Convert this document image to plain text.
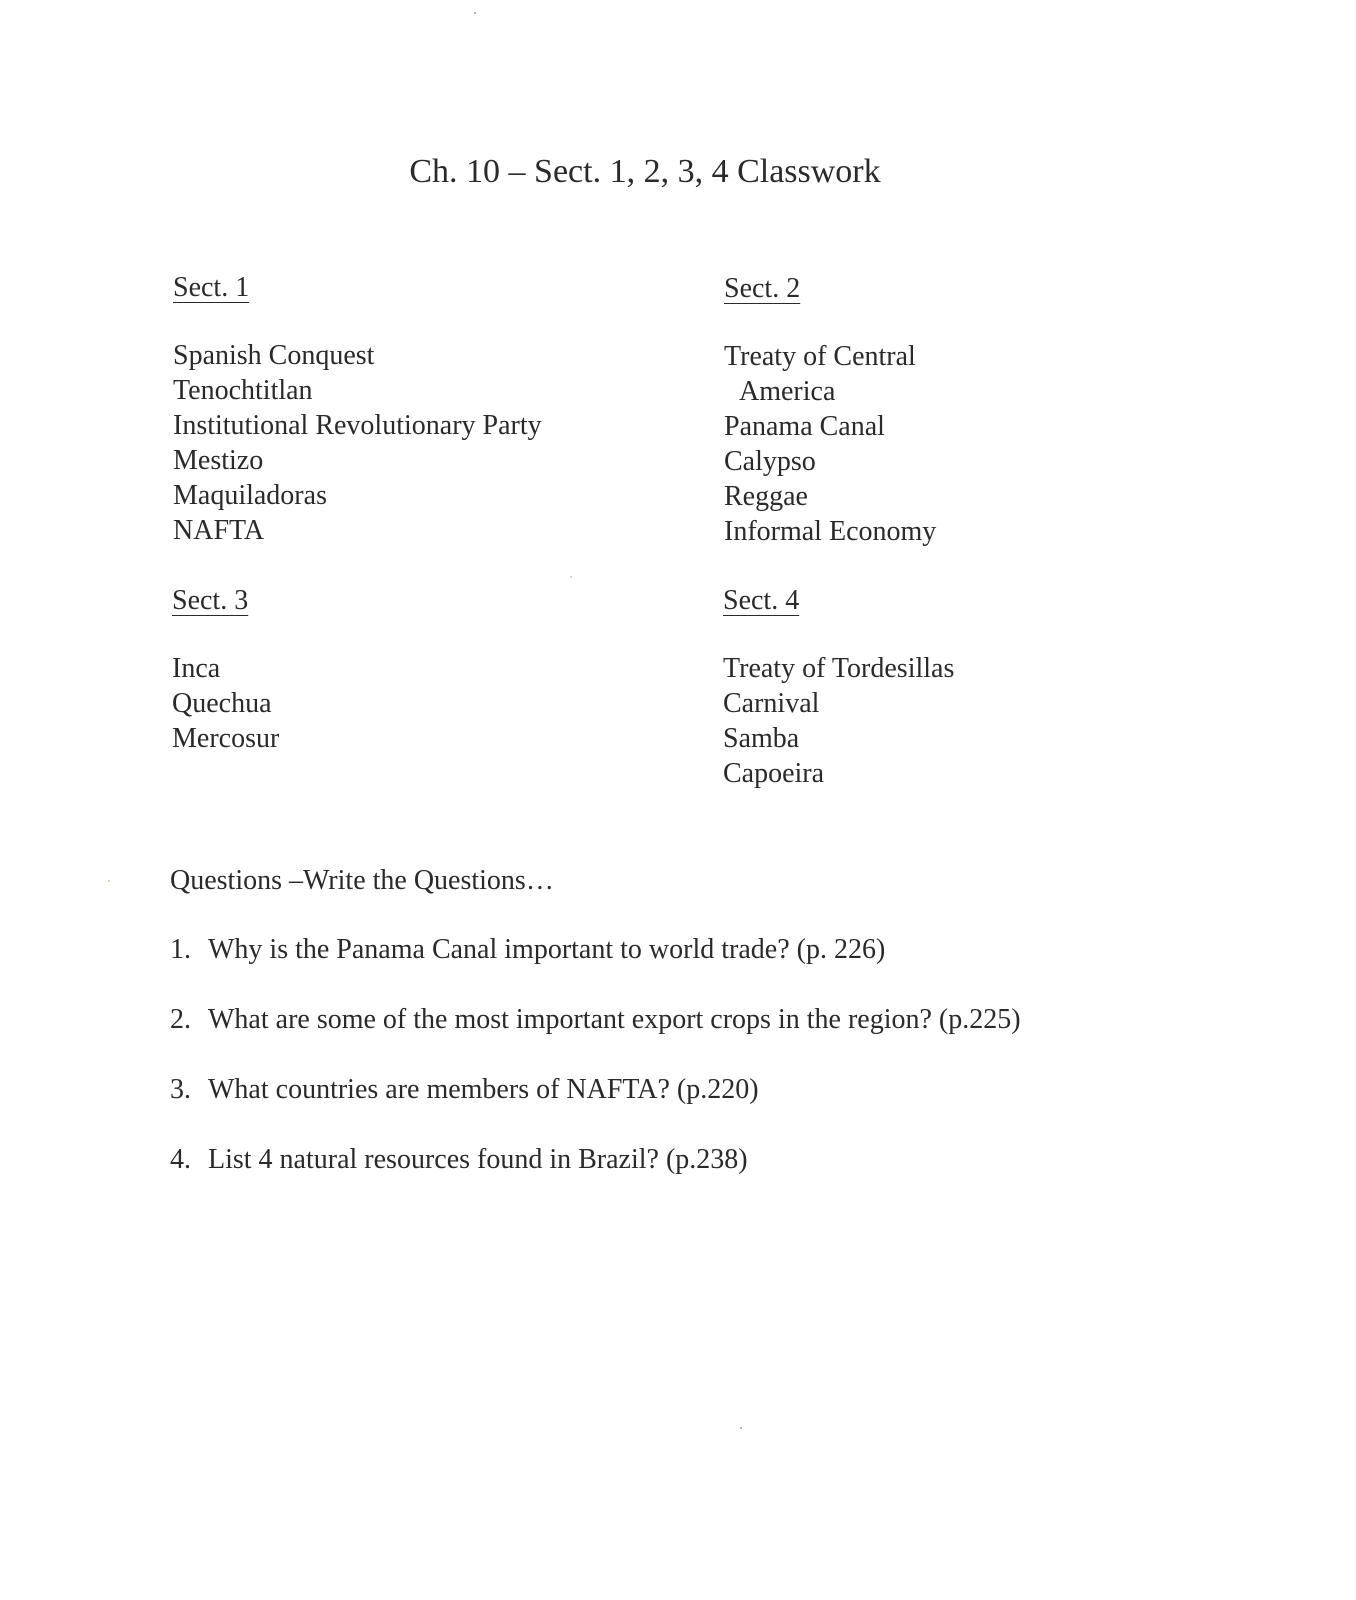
Ch. 10 – Sect. 1, 2, 3, 4 Classwork
Sect. 1
Spanish Conquest
Tenochtitlan
Institutional Revolutionary Party
Mestizo
Maquiladoras
NAFTA
Sect. 2
Treaty of Central
America
Panama Canal
Calypso
Reggae
Informal Economy
Sect. 3
Inca
Quechua
Mercosur
Sect. 4
Treaty of Tordesillas
Carnival
Samba
Capoeira
Questions –Write the Questions…
1. Why is the Panama Canal important to world trade? (p. 226)
2. What are some of the most important export crops in the region? (p.225)
3. What countries are members of NAFTA? (p.220)
4. List 4 natural resources found in Brazil? (p.238)
